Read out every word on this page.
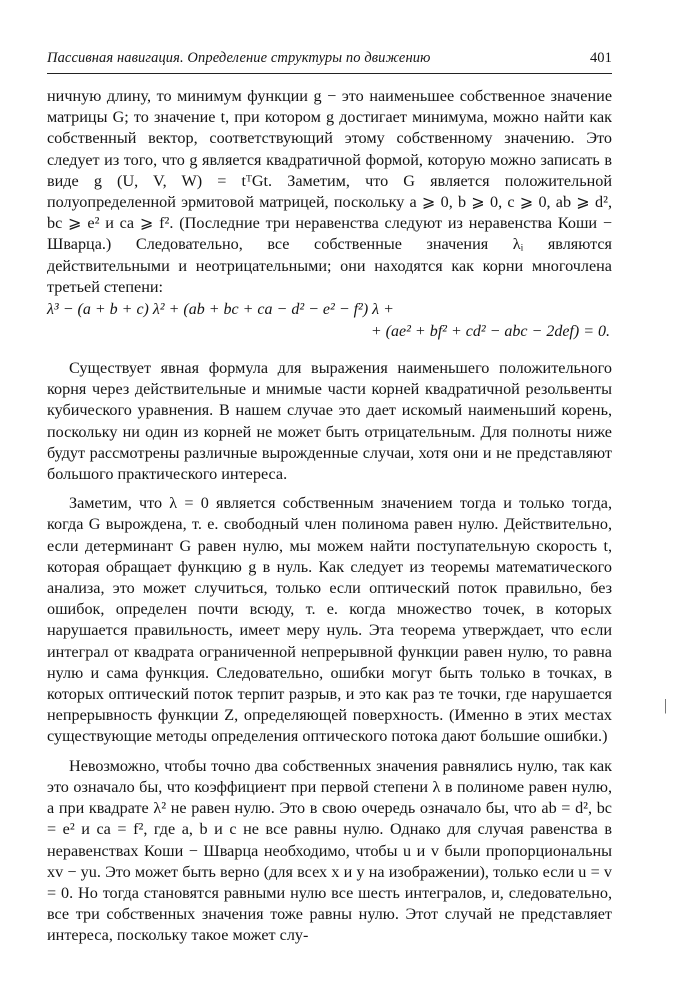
Пассивная навигация. Определение структуры по движению	401

ничную длину, то минимум функции g − это наименьшее собственное значение матрицы G; то значение t, при котором g достигает минимума, можно найти как собственный вектор, соответствующий этому собственному значению. Это следует из того, что g является квадратичной формой, которую можно записать в виде g (U, V, W) = tᵀGt. Заметим, что G является положительной полуопределенной эрмитовой матрицей, поскольку a ⩾ 0, b ⩾ 0, c ⩾ 0, ab ⩾ d², bc ⩾ e² и ca ⩾ f². (Последние три неравенства следуют из неравенства Коши − Шварца.) Следовательно, все собственные значения λᵢ являются действительными и неотрицательными; они находятся как корни многочлена третьей степени:

λ³ − (a + b + c) λ² + (ab + bc + ca − d² − e² − f²) λ +
+ (ae² + bf² + cd² − abc − 2def) = 0.

Существует явная формула для выражения наименьшего положительного корня через действительные и мнимые части корней квадратичной резольвенты кубического уравнения. В нашем случае это дает искомый наименьший корень, поскольку ни один из корней не может быть отрицательным. Для полноты ниже будут рассмотрены различные вырожденные случаи, хотя они и не представляют большого практического интереса.

Заметим, что λ = 0 является собственным значением тогда и только тогда, когда G вырождена, т. е. свободный член полинома равен нулю. Действительно, если детерминант G равен нулю, мы можем найти поступательную скорость t, которая обращает функцию g в нуль. Как следует из теоремы математического анализа, это может случиться, только если оптический поток правильно, без ошибок, определен почти всюду, т. е. когда множество точек, в которых нарушается правильность, имеет меру нуль. Эта теорема утверждает, что если интеграл от квадрата ограниченной непрерывной функции равен нулю, то равна нулю и сама функция. Следовательно, ошибки могут быть только в точках, в которых оптический поток терпит разрыв, и это как раз те точки, где нарушается непрерывность функции Z, определяющей поверхность. (Именно в этих местах существующие методы определения оптического потока дают большие ошибки.)

Невозможно, чтобы точно два собственных значения равнялись нулю, так как это означало бы, что коэффициент при первой степени λ в полиноме равен нулю, а при квадрате λ² не равен нулю. Это в свою очередь означало бы, что ab = d², bc = e² и ca = f², где a, b и c не все равны нулю. Однако для случая равенства в неравенствах Коши − Шварца необходимо, чтобы u и v были пропорциональны xv − yu. Это может быть верно (для всех x и y на изображении), только если u = v = 0. Но тогда становятся равными нулю все шесть интегралов, и, следовательно, все три собственных значения тоже равны нулю. Этот случай не представляет интереса, поскольку такое может слу-

|
